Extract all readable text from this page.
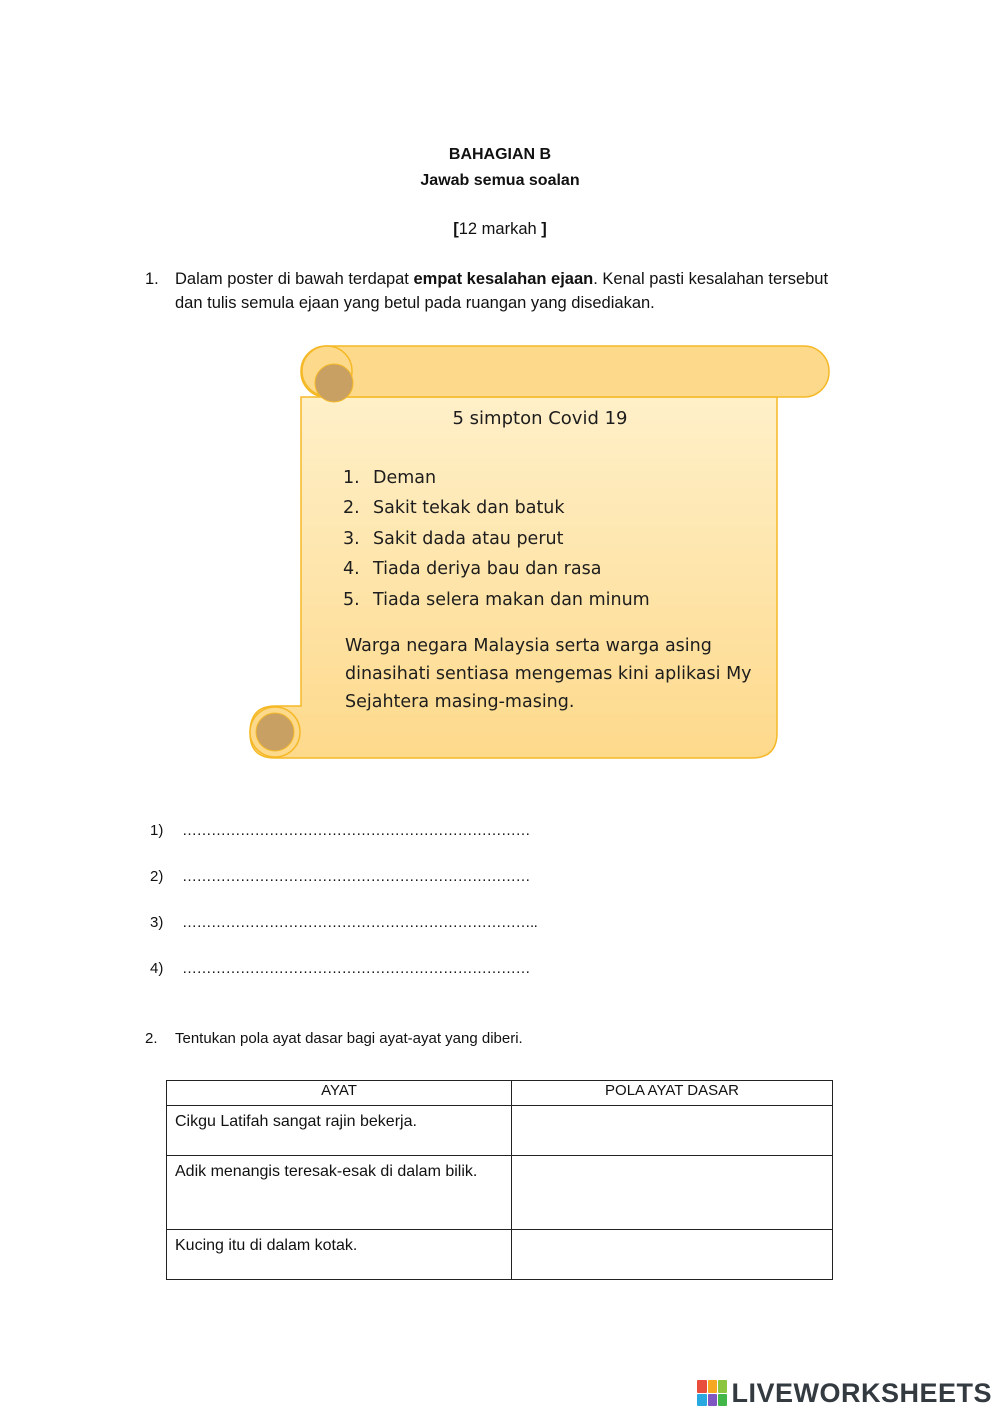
BAHAGIAN B
Jawab semua soalan
[12 markah ]
1. Dalam poster di bawah terdapat empat kesalahan ejaan. Kenal pasti kesalahan tersebut dan tulis semula ejaan yang betul pada ruangan yang disediakan.
5 simpton Covid 19
1. Deman
2. Sakit tekak dan batuk
3. Sakit dada atau perut
4. Tiada deriya bau dan rasa
5. Tiada selera makan dan minum
Warga negara Malaysia serta warga asing dinasihati sentiasa mengemas kini aplikasi My Sejahtera masing-masing.
1) ………………………………………………………………
2) ………………………………………………………………
3) ………………………………………………………………..
4) ………………………………………………………………
2. Tentukan pola ayat dasar bagi ayat-ayat yang diberi.
AYAT	POLA AYAT DASAR
Cikgu Latifah sangat rajin bekerja.	
Adik menangis teresak-esak di dalam bilik.	
Kucing itu di dalam kotak.	
LIVEWORKSHEETS
